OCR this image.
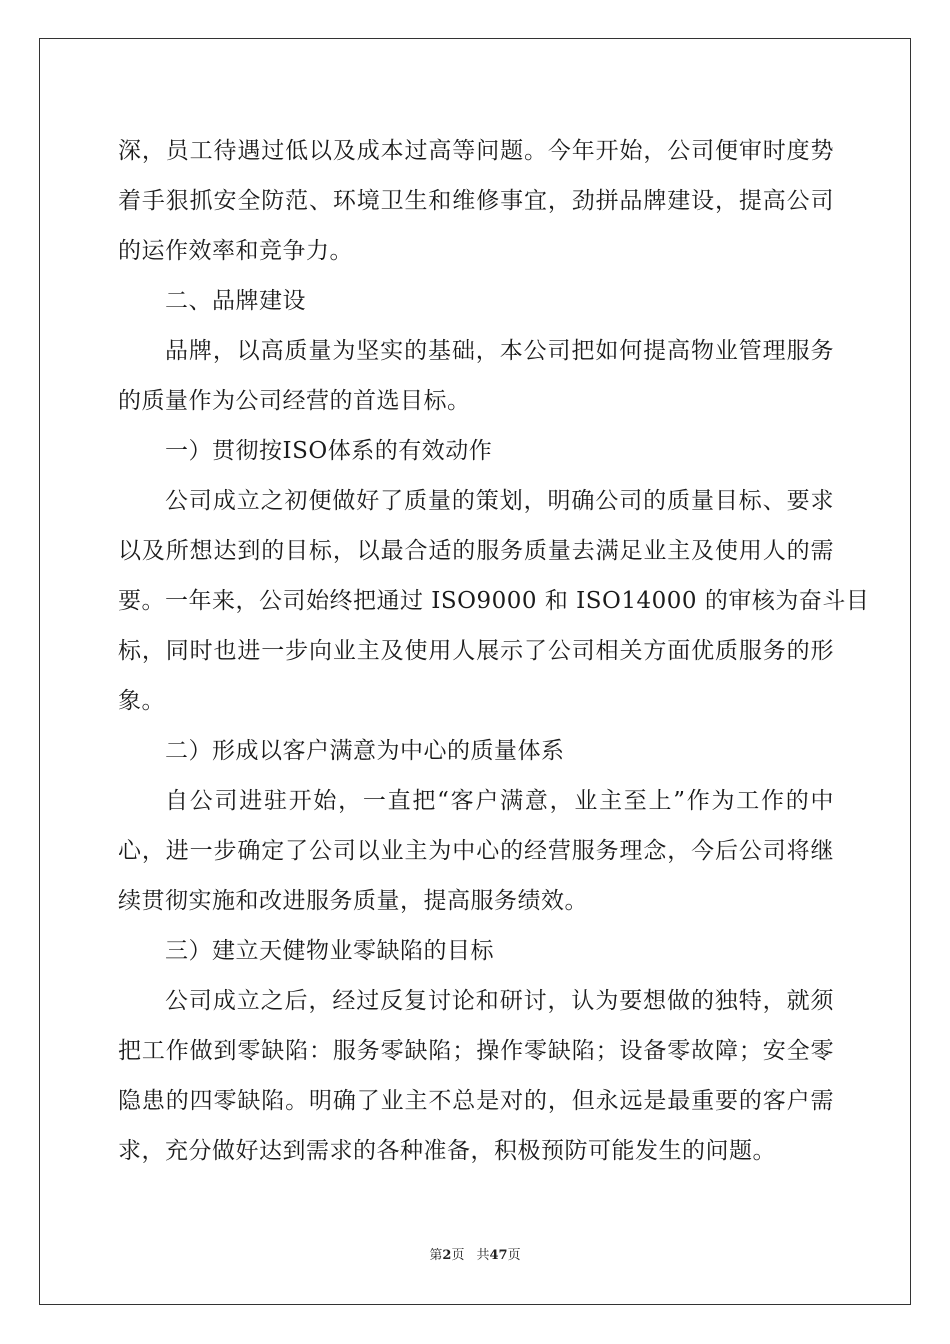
深，员工待遇过低以及成本过高等问题。今年开始，公司便审时度势
着手狠抓安全防范、环境卫生和维修事宜，劲拼品牌建设，提高公司
的运作效率和竞争力。
二、品牌建设
品牌，以高质量为坚实的基础，本公司把如何提高物业管理服务
的质量作为公司经营的首选目标。
一）贯彻按ISO体系的有效动作
公司成立之初便做好了质量的策划，明确公司的质量目标、要求
以及所想达到的目标，以最合适的服务质量去满足业主及使用人的需
要。一年来，公司始终把通过 ISO9000 和 ISO14000 的审核为奋斗目
标，同时也进一步向业主及使用人展示了公司相关方面优质服务的形
象。
二）形成以客户满意为中心的质量体系
自公司进驻开始，一直把“客户满意，业主至上”作为工作的中
心，进一步确定了公司以业主为中心的经营服务理念，今后公司将继
续贯彻实施和改进服务质量，提高服务绩效。
三）建立天健物业零缺陷的目标
公司成立之后，经过反复讨论和研讨，认为要想做的独特，就须
把工作做到零缺陷：服务零缺陷；操作零缺陷；设备零故障；安全零
隐患的四零缺陷。明确了业主不总是对的，但永远是最重要的客户需
求，充分做好达到需求的各种准备，积极预防可能发生的问题。
第2页 共47页
